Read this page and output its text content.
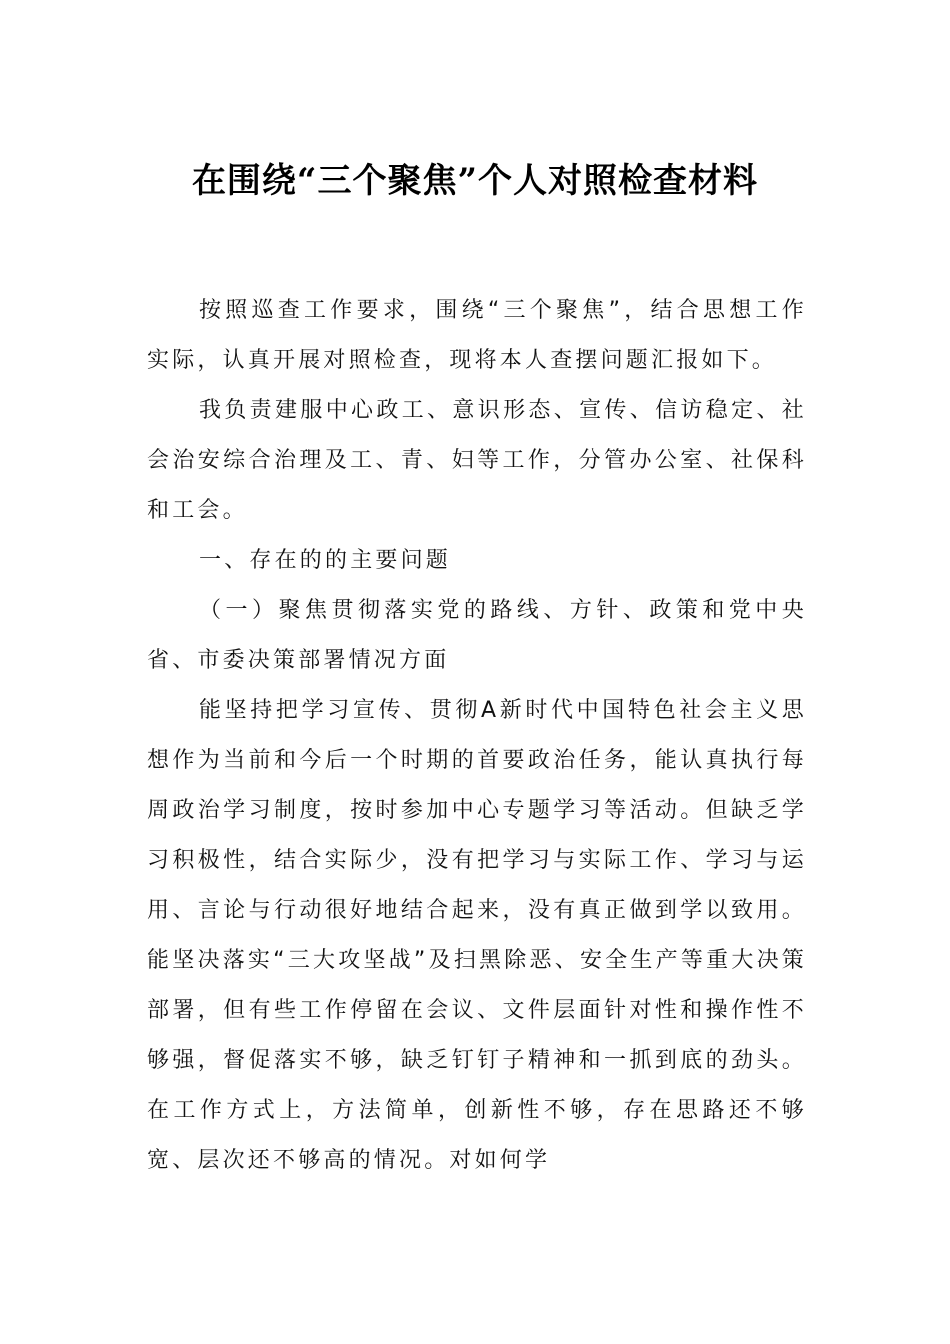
在围绕“三个聚焦”个人对照检查材料

按照巡查工作要求，围绕“三个聚焦”，结合思想工作实际，认真开展对照检查，现将本人查摆问题汇报如下。

我负责建服中心政工、意识形态、宣传、信访稳定、社会治安综合治理及工、青、妇等工作，分管办公室、社保科和工会。

一、存在的的主要问题

（一）聚焦贯彻落实党的路线、方针、政策和党中央省、市委决策部署情况方面

能坚持把学习宣传、贯彻A新时代中国特色社会主义思想作为当前和今后一个时期的首要政治任务，能认真执行每周政治学习制度，按时参加中心专题学习等活动。但缺乏学习积极性，结合实际少，没有把学习与实际工作、学习与运用、言论与行动很好地结合起来，没有真正做到学以致用。能坚决落实“三大攻坚战”及扫黑除恶、安全生产等重大决策部署，但有些工作停留在会议、文件层面针对性和操作性不够强，督促落实不够，缺乏钉钉子精神和一抓到底的劲头。在工作方式上，方法简单，创新性不够，存在思路还不够宽、层次还不够高的情况。对如何学
